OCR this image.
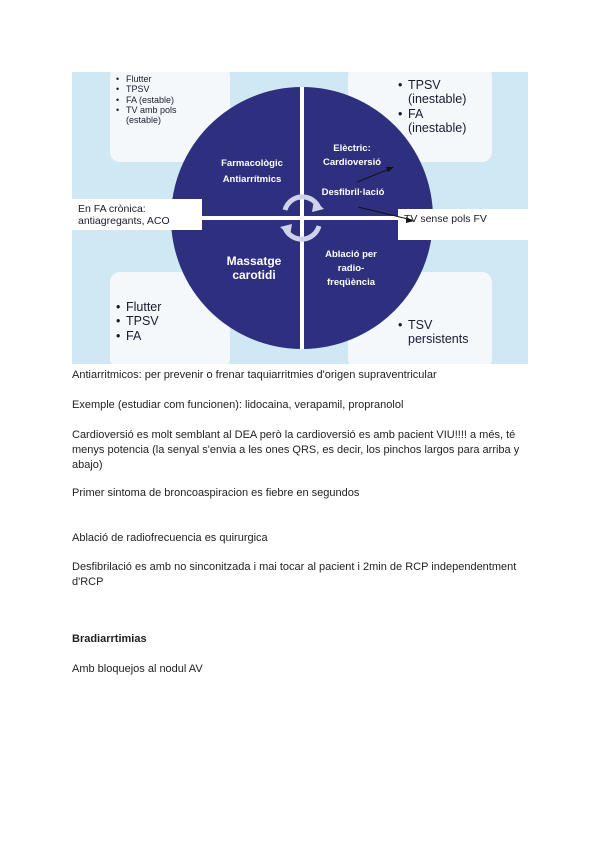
• Flutter
• TPSV
• FA (estable)
• TV amb pols (estable)
• TPSV (inestable)
• FA (inestable)
• Flutter
• TPSV
• FA
• TSV persistents
En FA crònica: antiagregants, ACO	TV sense pols FV
Farmacològic Antiarrítmics
Elèctric: Cardioversió
Desfibril·lació
Massatge carotidi
Ablació per radio-freqüència
Antiarritmicos: per prevenir o frenar taquiarritmies d'origen supraventricular
Exemple (estudiar com funcionen): lidocaina, verapamil, propranolol
Cardioversió es molt semblant al DEA però la cardioversió es amb pacient VIU!!!! a més, té menys potencia (la senyal s'envia a les ones QRS, es decir, los pinchos largos para arriba y abajo)
Primer sintoma de broncoaspiracion es fiebre en segundos
Ablació de radiofrecuencia es quirurgica
Desfibrilació es amb no sinconitzada i mai tocar al pacient i 2min de RCP independentment d'RCP
Bradiarrtimias
Amb bloquejos al nodul AV
